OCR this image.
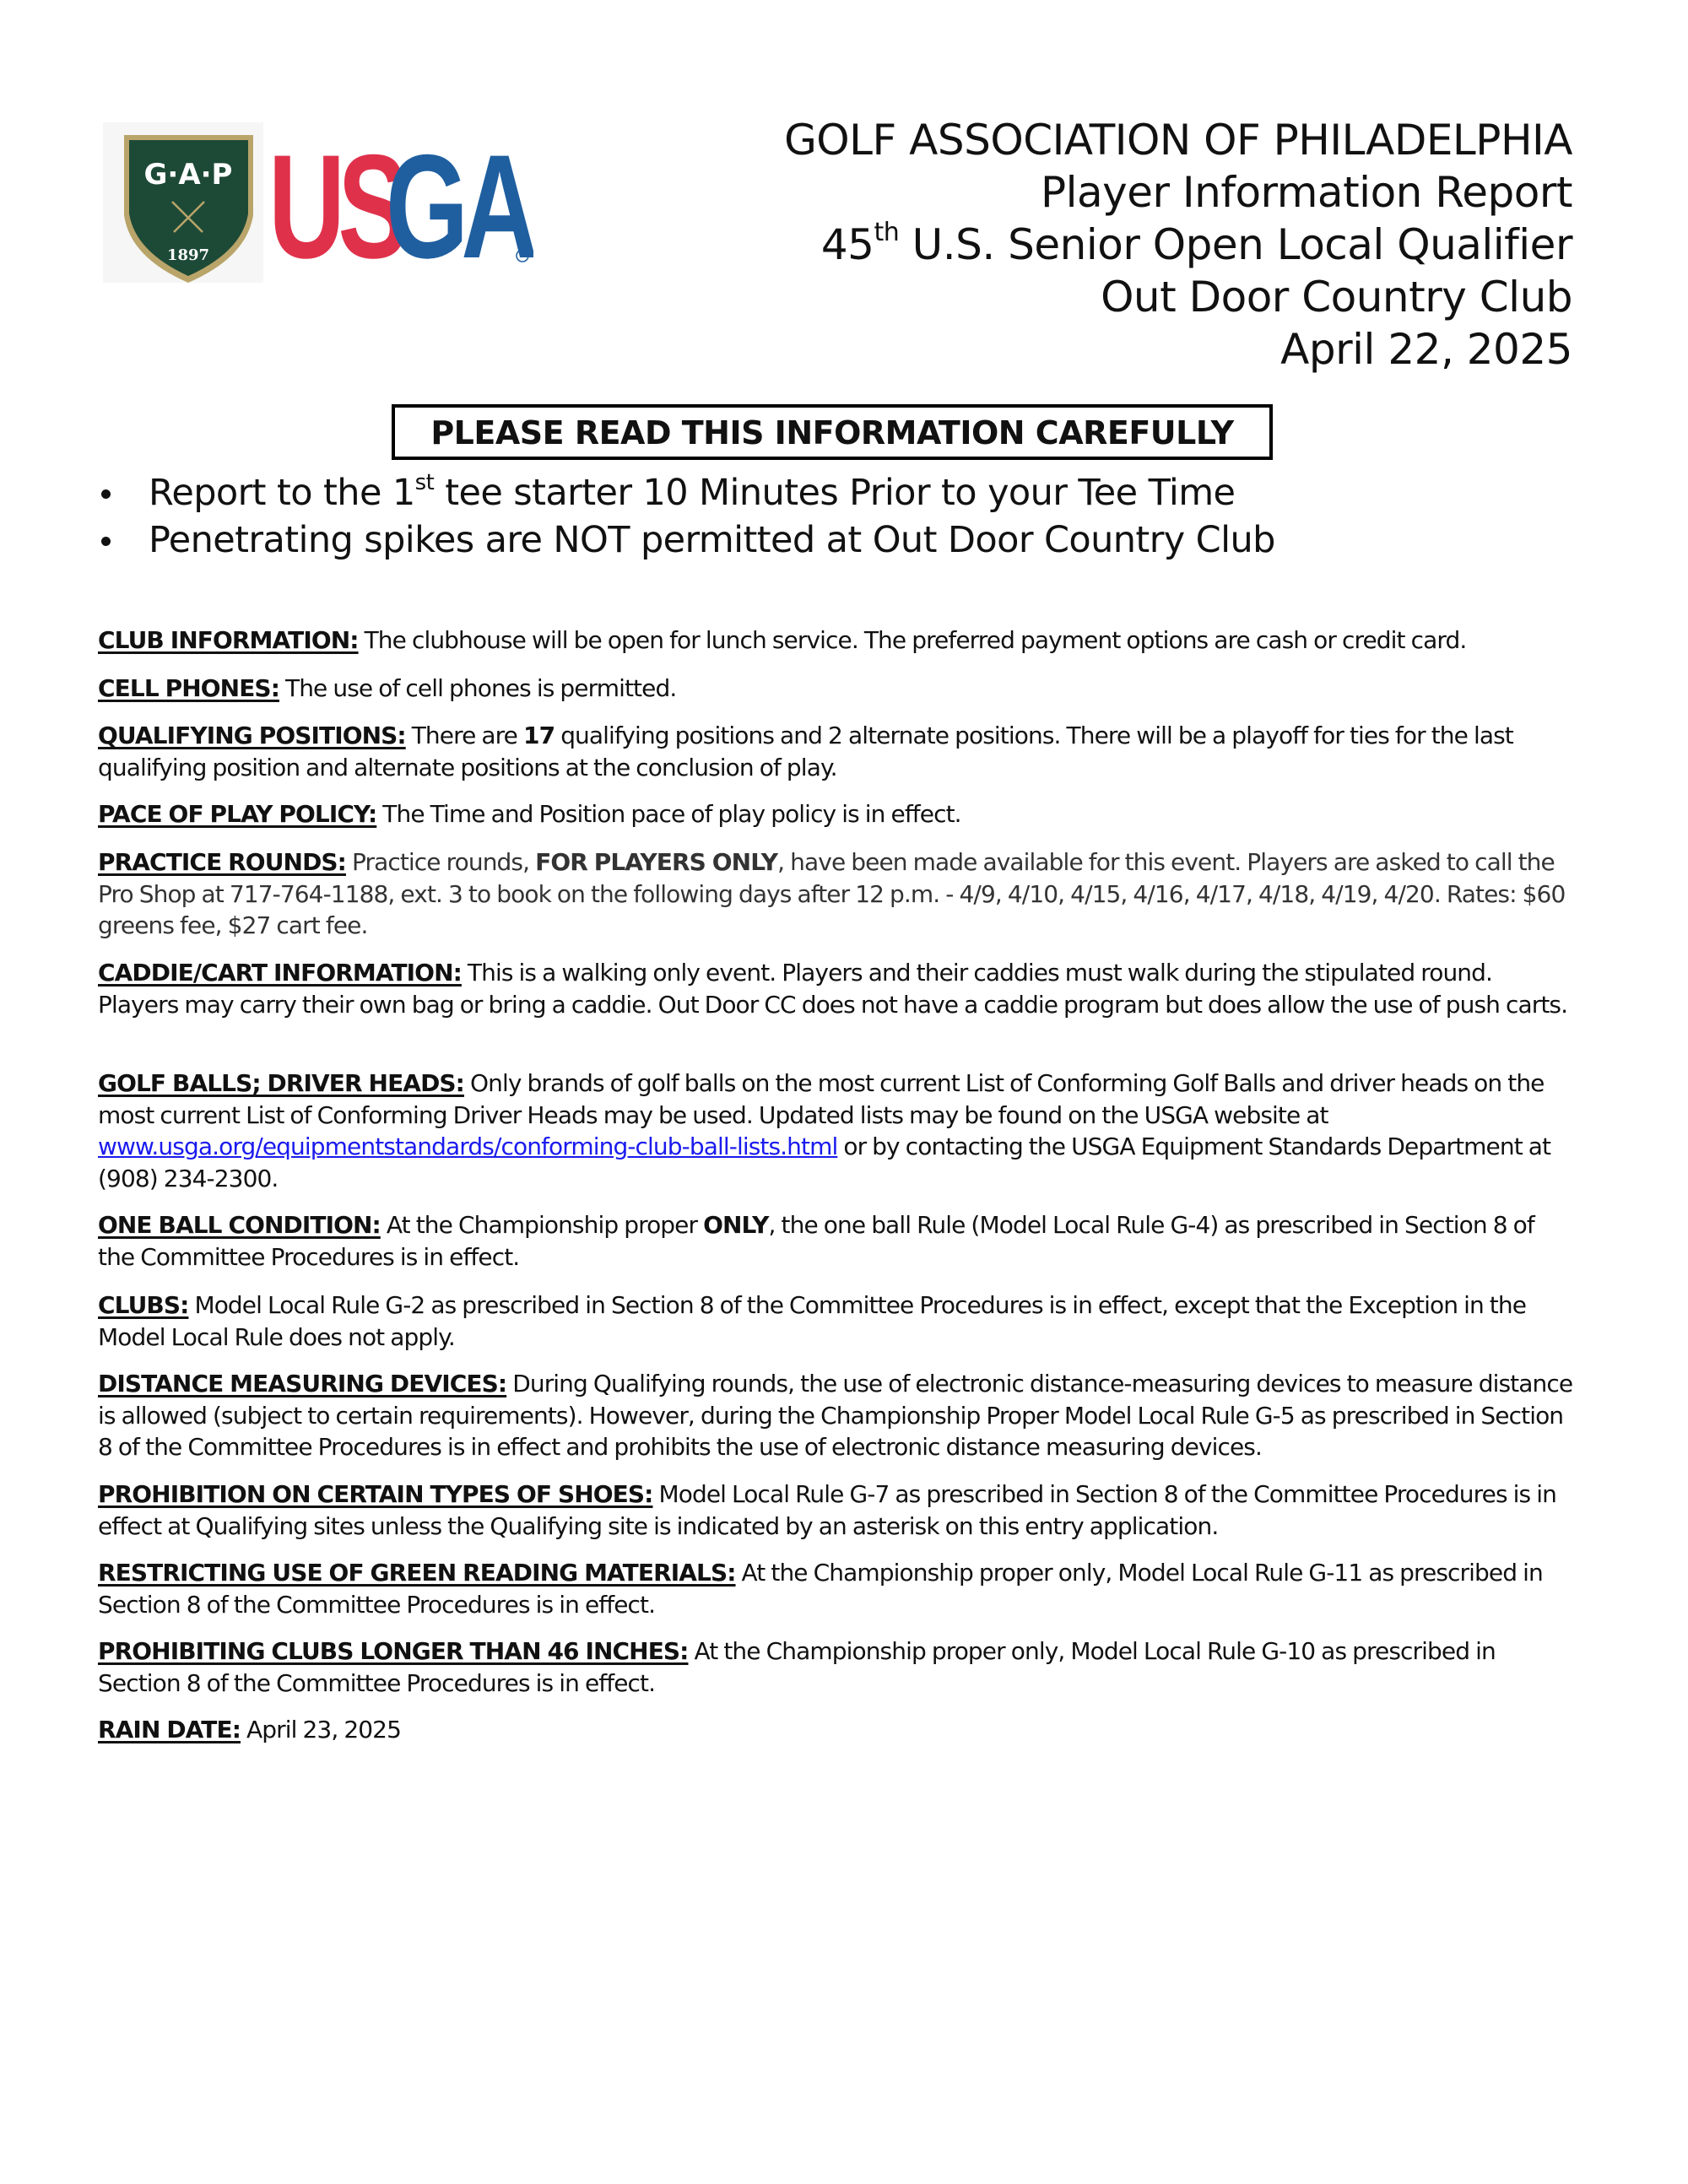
G·A·P
1897 US
GA	GOLF ASSOCIATION OF PHILADELPHIA
Player Information Report
45th U.S. Senior Open Local Qualifier
Out Door Country Club
April 22, 2025
PLEASE READ THIS INFORMATION CAREFULLY
Report to the 1st tee starter 10 Minutes Prior to your Tee Time
Penetrating spikes are NOT permitted at Out Door Country Club
CLUB INFORMATION: The clubhouse will be open for lunch service. The preferred payment options are cash or credit card.
CELL PHONES: The use of cell phones is permitted.
QUALIFYING POSITIONS: There are 17 qualifying positions and 2 alternate positions. There will be a playoff for ties for the last qualifying position and alternate positions at the conclusion of play.
PACE OF PLAY POLICY: The Time and Position pace of play policy is in effect.
PRACTICE ROUNDS: Practice rounds, FOR PLAYERS ONLY, have been made available for this event. Players are asked to call the Pro Shop at 717-764-1188, ext. 3 to book on the following days after 12 p.m. - 4/9, 4/10, 4/15, 4/16, 4/17, 4/18, 4/19, 4/20. Rates: $60 greens fee, $27 cart fee.
CADDIE/CART INFORMATION: This is a walking only event. Players and their caddies must walk during the stipulated round. Players may carry their own bag or bring a caddie. Out Door CC does not have a caddie program but does allow the use of push carts.
GOLF BALLS; DRIVER HEADS: Only brands of golf balls on the most current List of Conforming Golf Balls and driver heads on the most current List of Conforming Driver Heads may be used. Updated lists may be found on the USGA website at www.usga.org/equipmentstandards/conforming-club-ball-lists.html or by contacting the USGA Equipment Standards Department at (908) 234-2300.
ONE BALL CONDITION: At the Championship proper ONLY, the one ball Rule (Model Local Rule G-4) as prescribed in Section 8 of the Committee Procedures is in effect.
CLUBS: Model Local Rule G-2 as prescribed in Section 8 of the Committee Procedures is in effect, except that the Exception in the Model Local Rule does not apply.
DISTANCE MEASURING DEVICES: During Qualifying rounds, the use of electronic distance-measuring devices to measure distance is allowed (subject to certain requirements). However, during the Championship Proper Model Local Rule G-5 as prescribed in Section 8 of the Committee Procedures is in effect and prohibits the use of electronic distance measuring devices.
PROHIBITION ON CERTAIN TYPES OF SHOES: Model Local Rule G-7 as prescribed in Section 8 of the Committee Procedures is in effect at Qualifying sites unless the Qualifying site is indicated by an asterisk on this entry application.
RESTRICTING USE OF GREEN READING MATERIALS: At the Championship proper only, Model Local Rule G-11 as prescribed in Section 8 of the Committee Procedures is in effect.
PROHIBITING CLUBS LONGER THAN 46 INCHES: At the Championship proper only, Model Local Rule G-10 as prescribed in Section 8 of the Committee Procedures is in effect.
RAIN DATE: April 23, 2025
